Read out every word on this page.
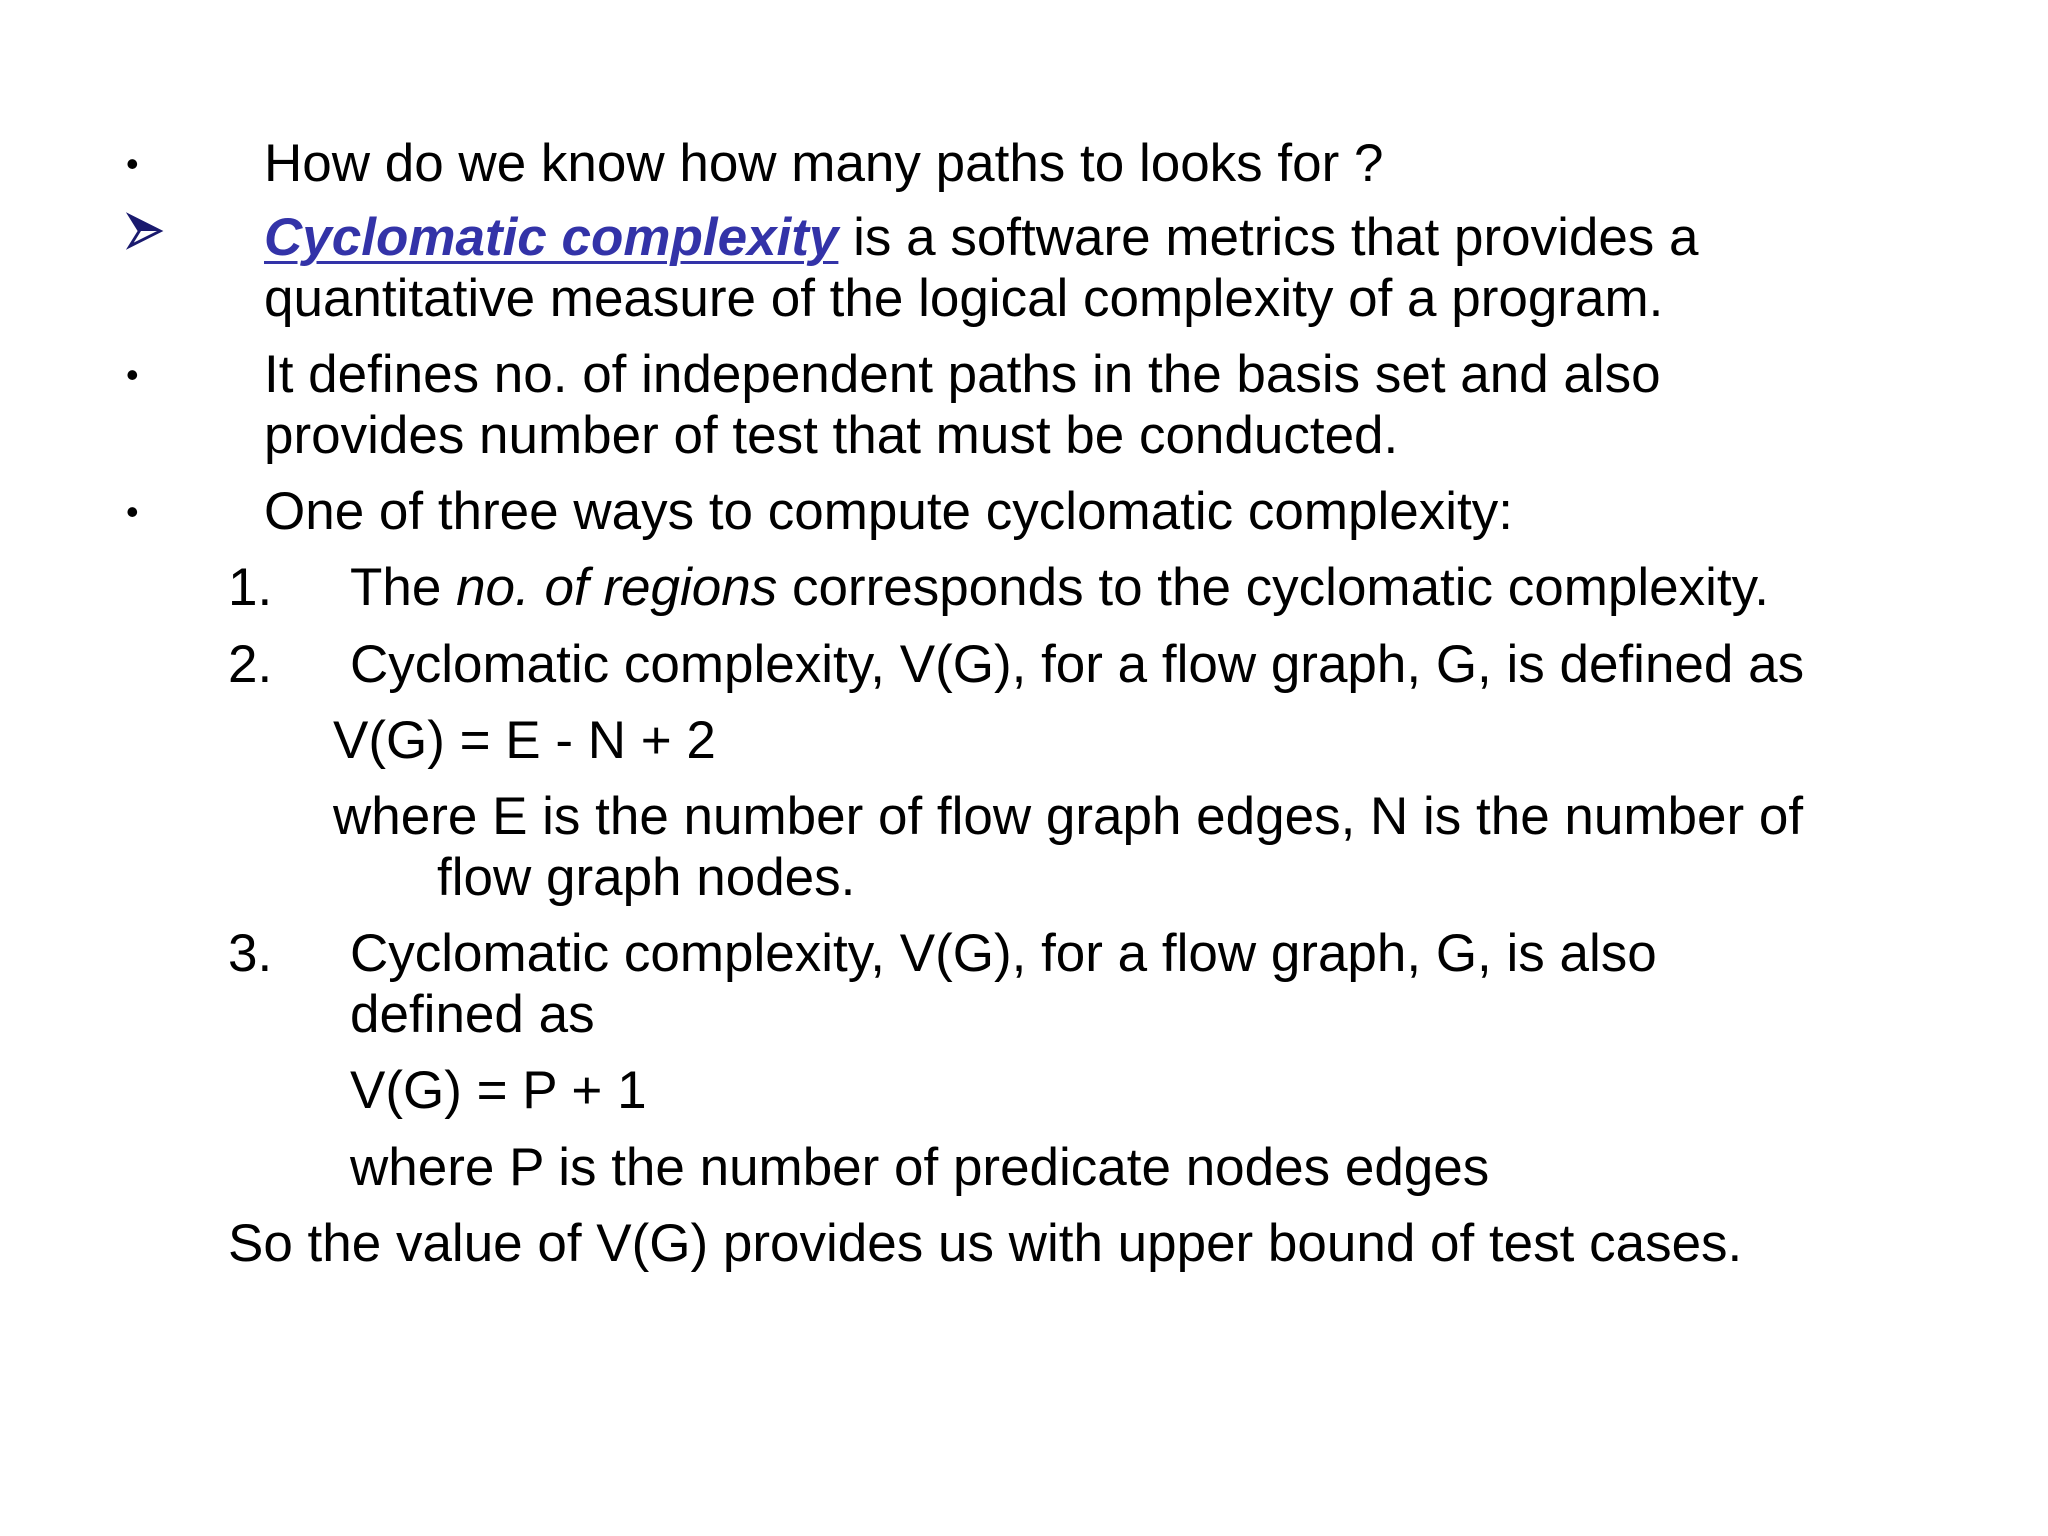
• How do we know how many paths to looks for ?
Cyclomatic complexity is a software metrics that provides a
quantitative measure of the logical complexity of a program.
• It defines no. of independent paths in the basis set and also
provides number of test that must be conducted.
• One of three ways to compute cyclomatic complexity:
1. The no. of regions corresponds to the cyclomatic complexity.
2. Cyclomatic complexity, V(G), for a flow graph, G, is defined as
V(G) = E - N + 2
where E is the number of flow graph edges, N is the number of
flow graph nodes.
3. Cyclomatic complexity, V(G), for a flow graph, G, is also
defined as
V(G) = P + 1
where P is the number of predicate nodes edges
So the value of V(G) provides us with upper bound of test cases.
